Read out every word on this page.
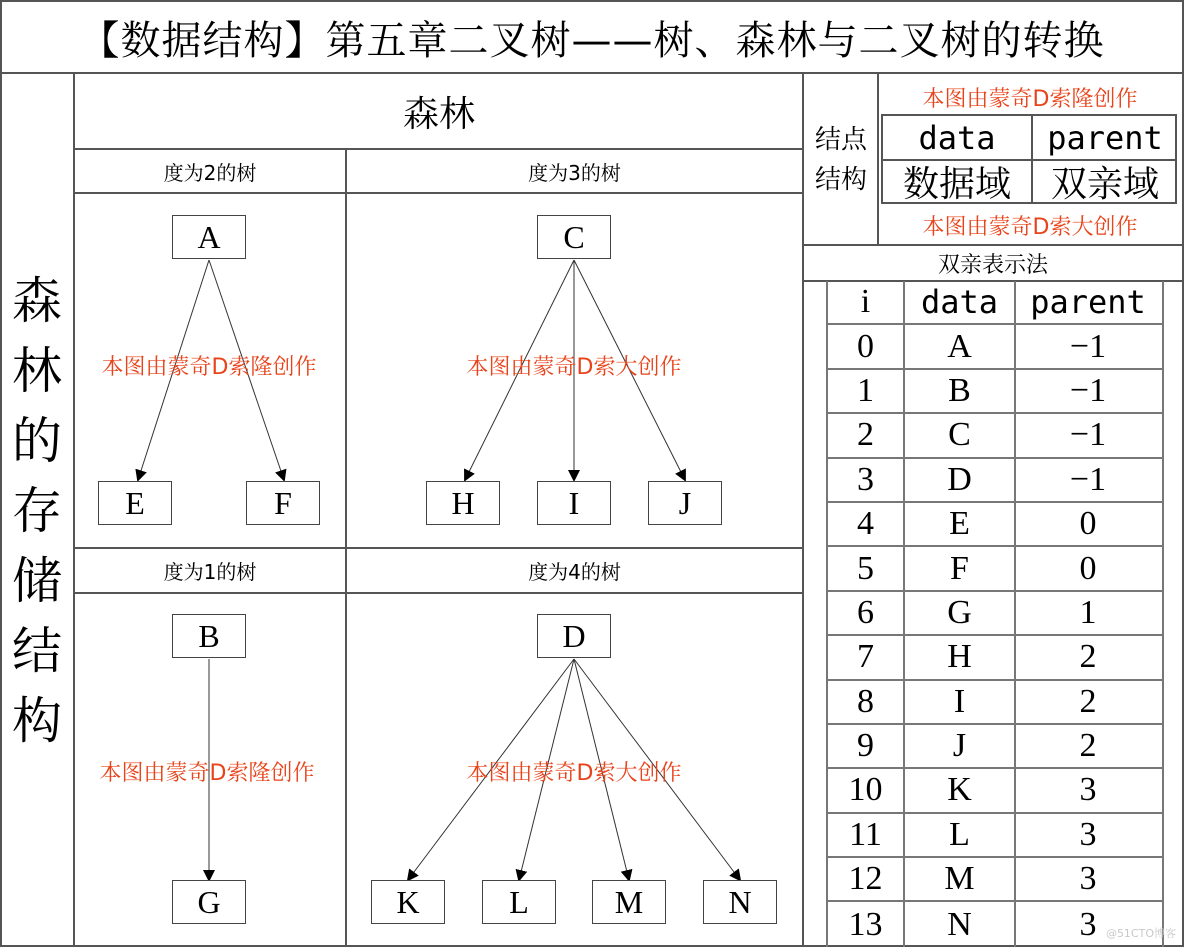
【数据结构】第五章二叉树——树、森林与二叉树的转换
森
林
的
存
储
结
构
森林
度为2的树	度为3的树
度为1的树	度为4的树
A
E	F
本图由蒙奇D索隆创作
C
H	I	J
本图由蒙奇D索大创作
B
G
本图由蒙奇D索隆创作
D
K	L	M	N
本图由蒙奇D索大创作
结点
结构
本图由蒙奇D索隆创作
data	parent
数据域	双亲域
本图由蒙奇D索大创作
双亲表示法
i	data	parent
0	A	−1
1	B	−1
2	C	−1
3	D	−1
4	E	0
5	F	0
6	G	1
7	H	2
8	I	2
9	J	2
10	K	3
11	L	3
12	M	3
13	N	3 @51CTO博客
